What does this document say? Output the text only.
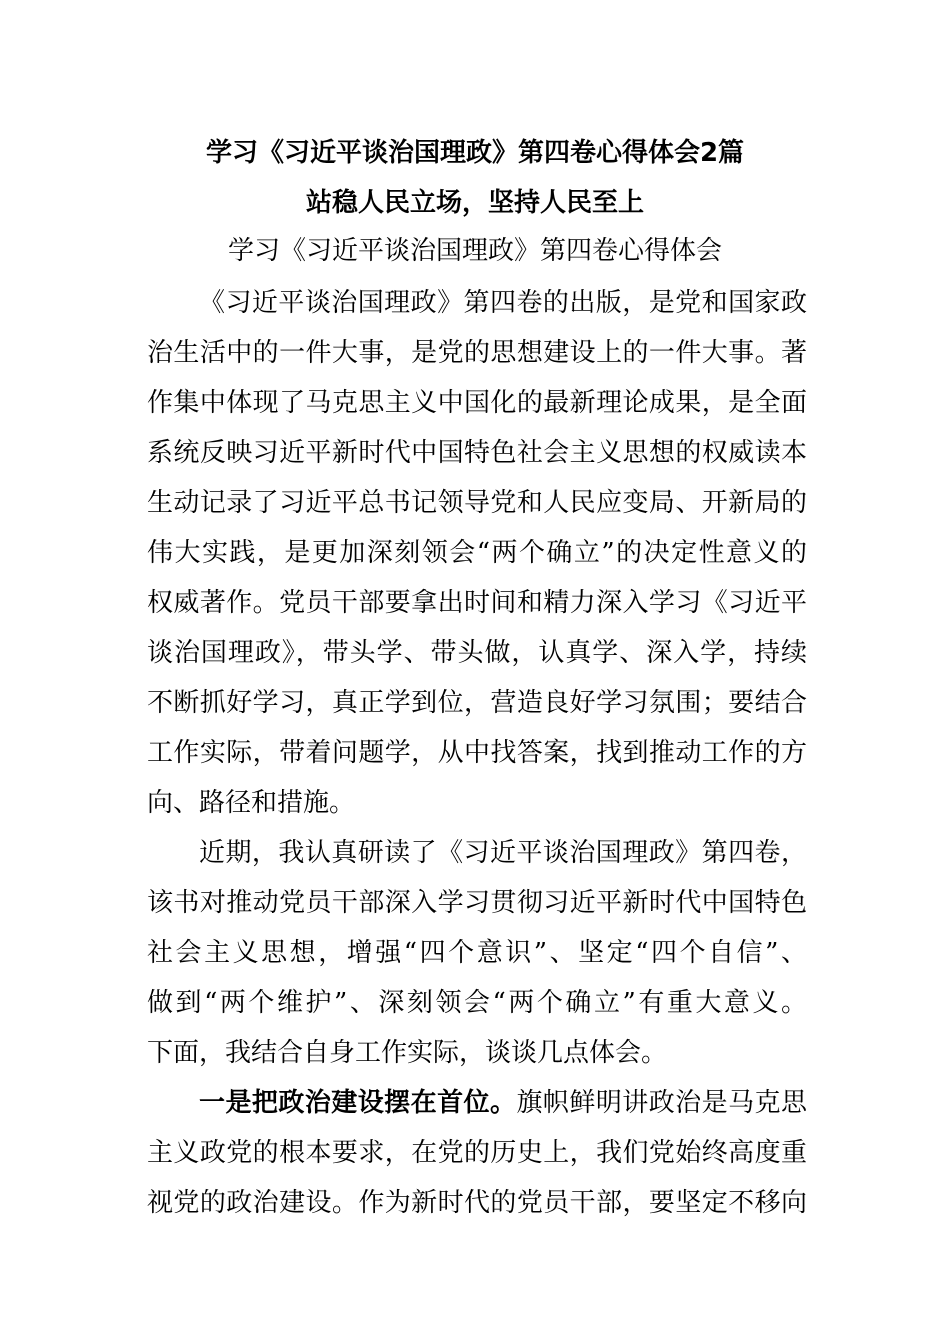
学习《习近平谈治国理政》第四卷心得体会2篇
站稳人民立场，坚持人民至上
学习《习近平谈治国理政》第四卷心得体会
《习近平谈治国理政》第四卷的出版，是党和国家政
治生活中的一件大事，是党的思想建设上的一件大事。著
作集中体现了马克思主义中国化的最新理论成果，是全面
系统反映习近平新时代中国特色社会主义思想的权威读本
生动记录了习近平总书记领导党和人民应变局、开新局的
伟大实践，是更加深刻领会“两个确立”的决定性意义的
权威著作。党员干部要拿出时间和精力深入学习《习近平
谈治国理政》，带头学、带头做，认真学、深入学，持续
不断抓好学习，真正学到位，营造良好学习氛围；要结合
工作实际，带着问题学，从中找答案，找到推动工作的方
向、路径和措施。
近期，我认真研读了《习近平谈治国理政》第四卷，
该书对推动党员干部深入学习贯彻习近平新时代中国特色
社会主义思想，增强“四个意识”、坚定“四个自信”、
做到“两个维护”、深刻领会“两个确立”有重大意义。
下面，我结合自身工作实际，谈谈几点体会。
一是把政治建设摆在首位。旗帜鲜明讲政治是马克思
主义政党的根本要求，在党的历史上，我们党始终高度重
视党的政治建设。作为新时代的党员干部，要坚定不移向
